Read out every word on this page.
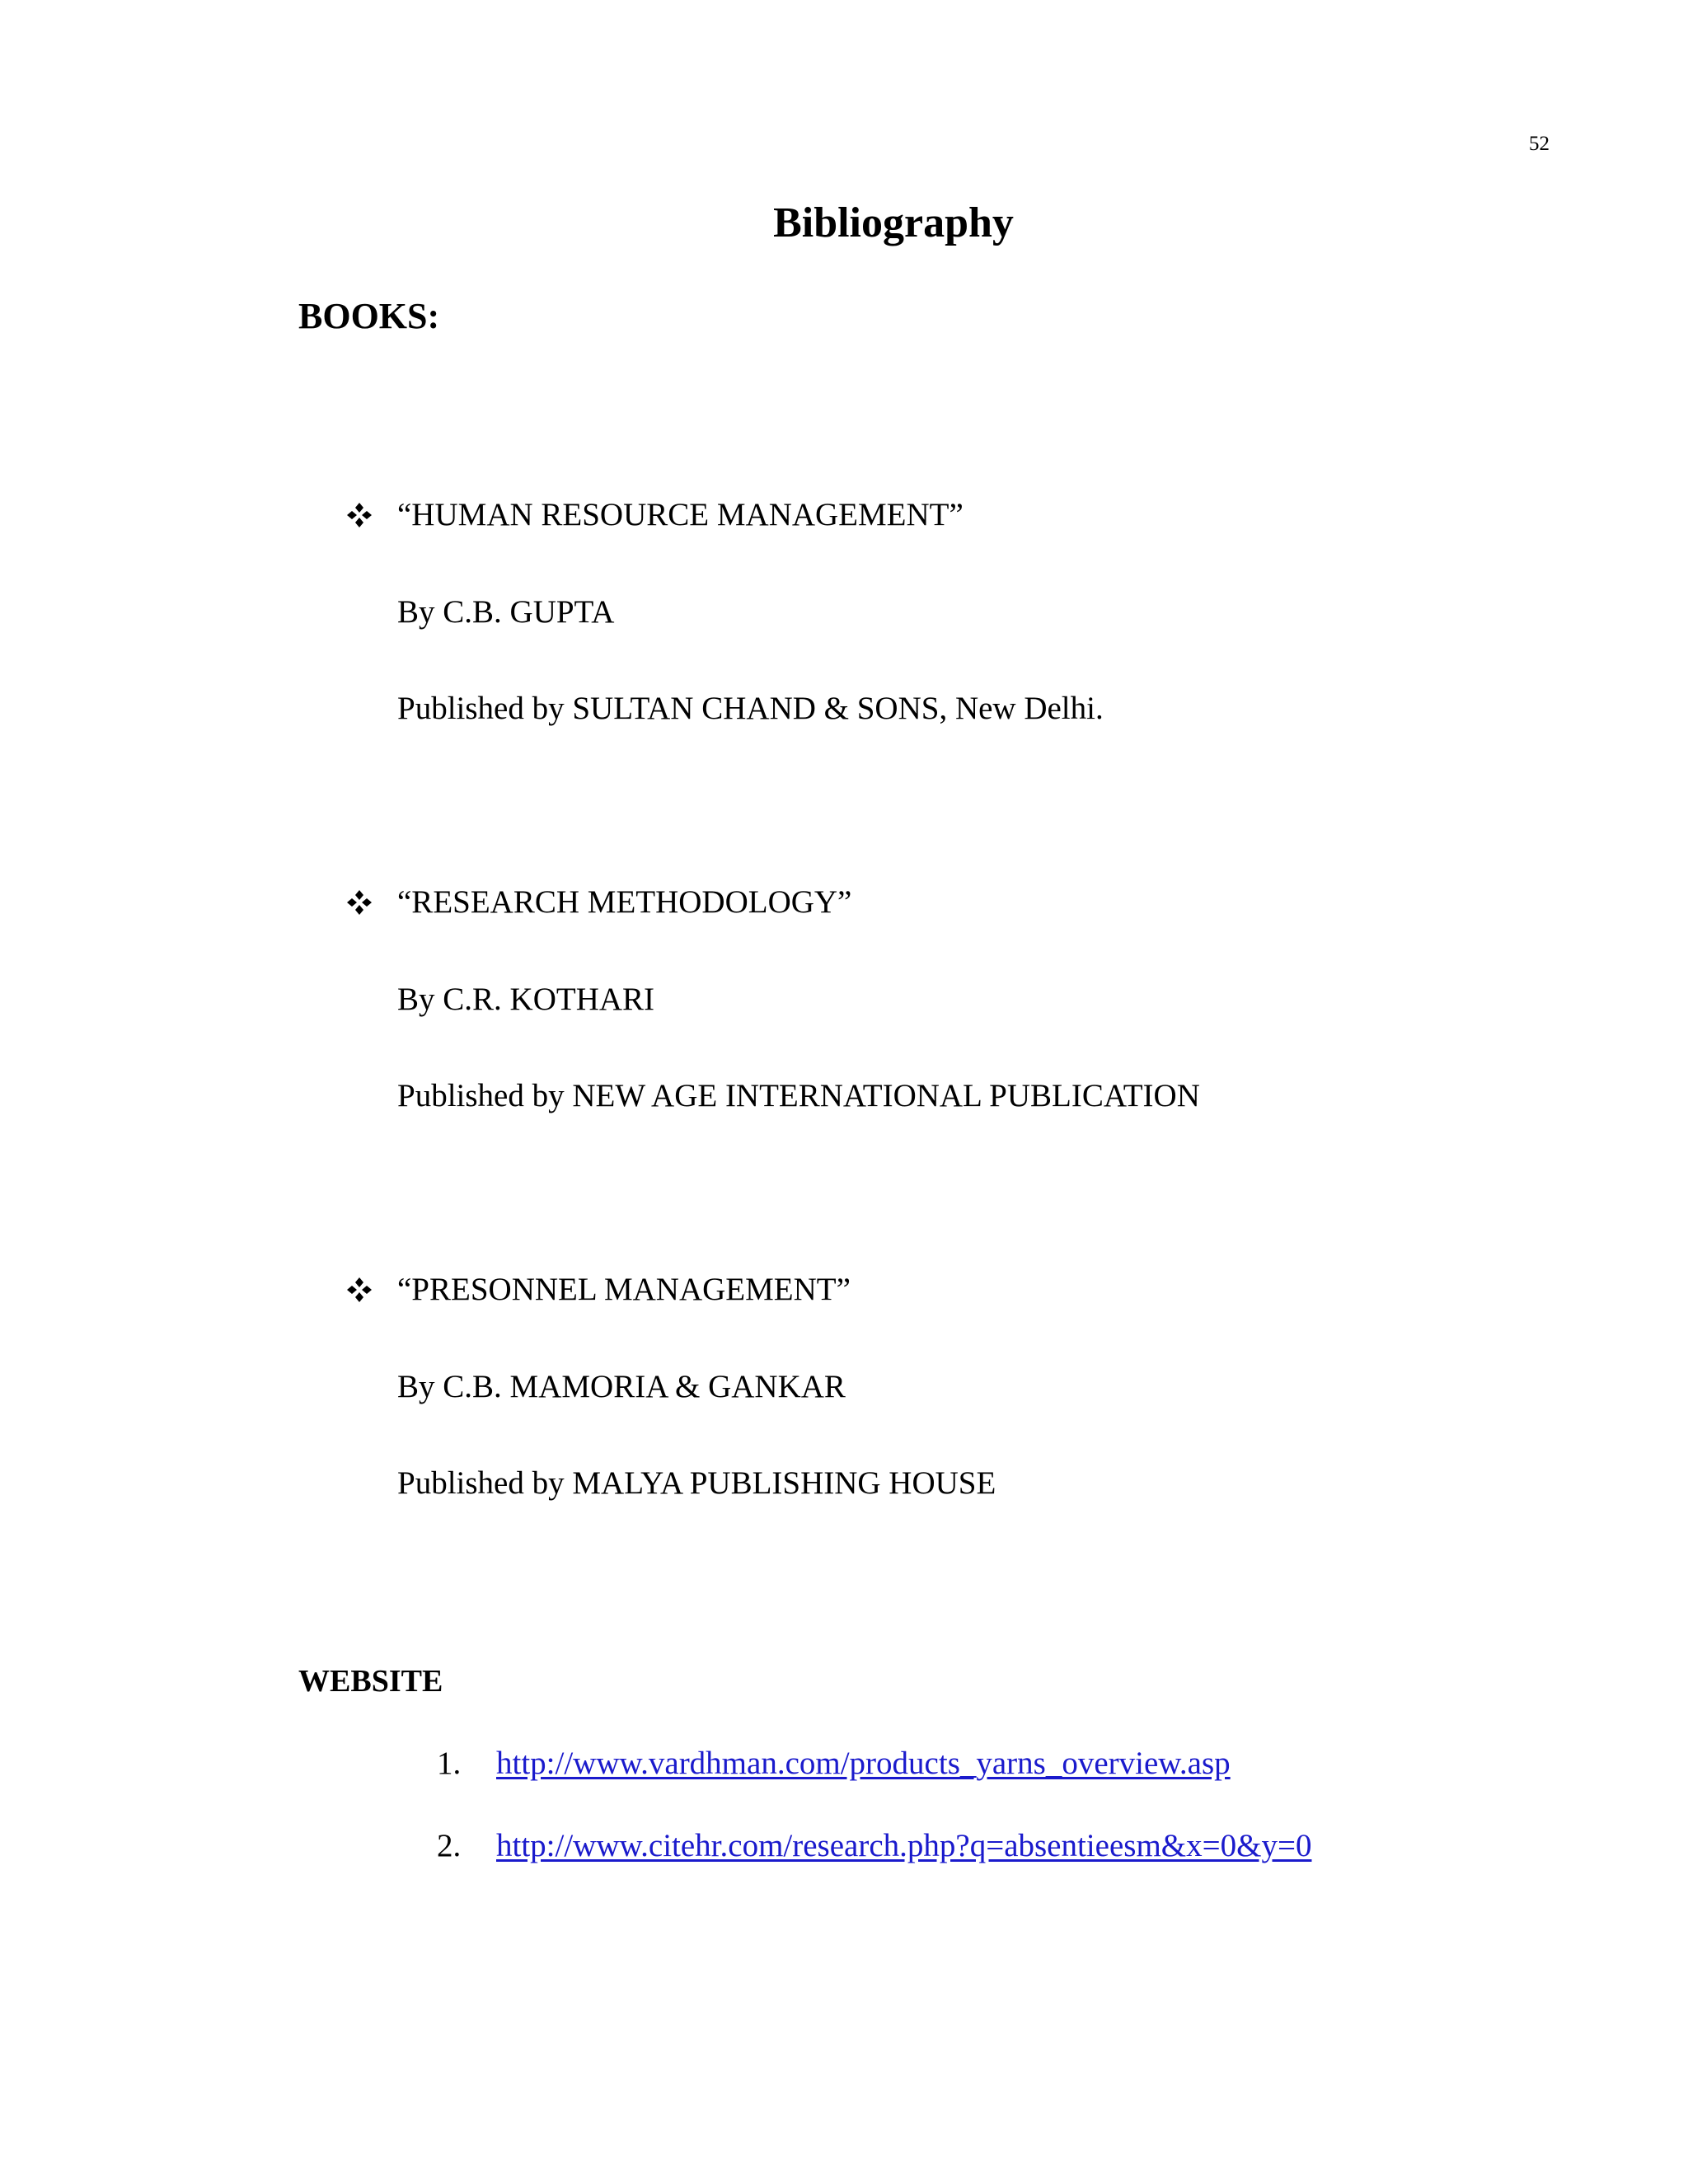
52
Bibliography
BOOKS:
“HUMAN RESOURCE MANAGEMENT”
By C.B. GUPTA
Published by SULTAN CHAND & SONS, New Delhi.
“RESEARCH METHODOLOGY”
By C.R. KOTHARI
Published by NEW AGE INTERNATIONAL PUBLICATION
“PRESONNEL MANAGEMENT”
By C.B. MAMORIA & GANKAR
Published by MALYA PUBLISHING HOUSE
WEBSITE
1. http://www.vardhman.com/products_yarns_overview.asp
2. http://www.citehr.com/research.php?q=absentieesm&x=0&y=0
